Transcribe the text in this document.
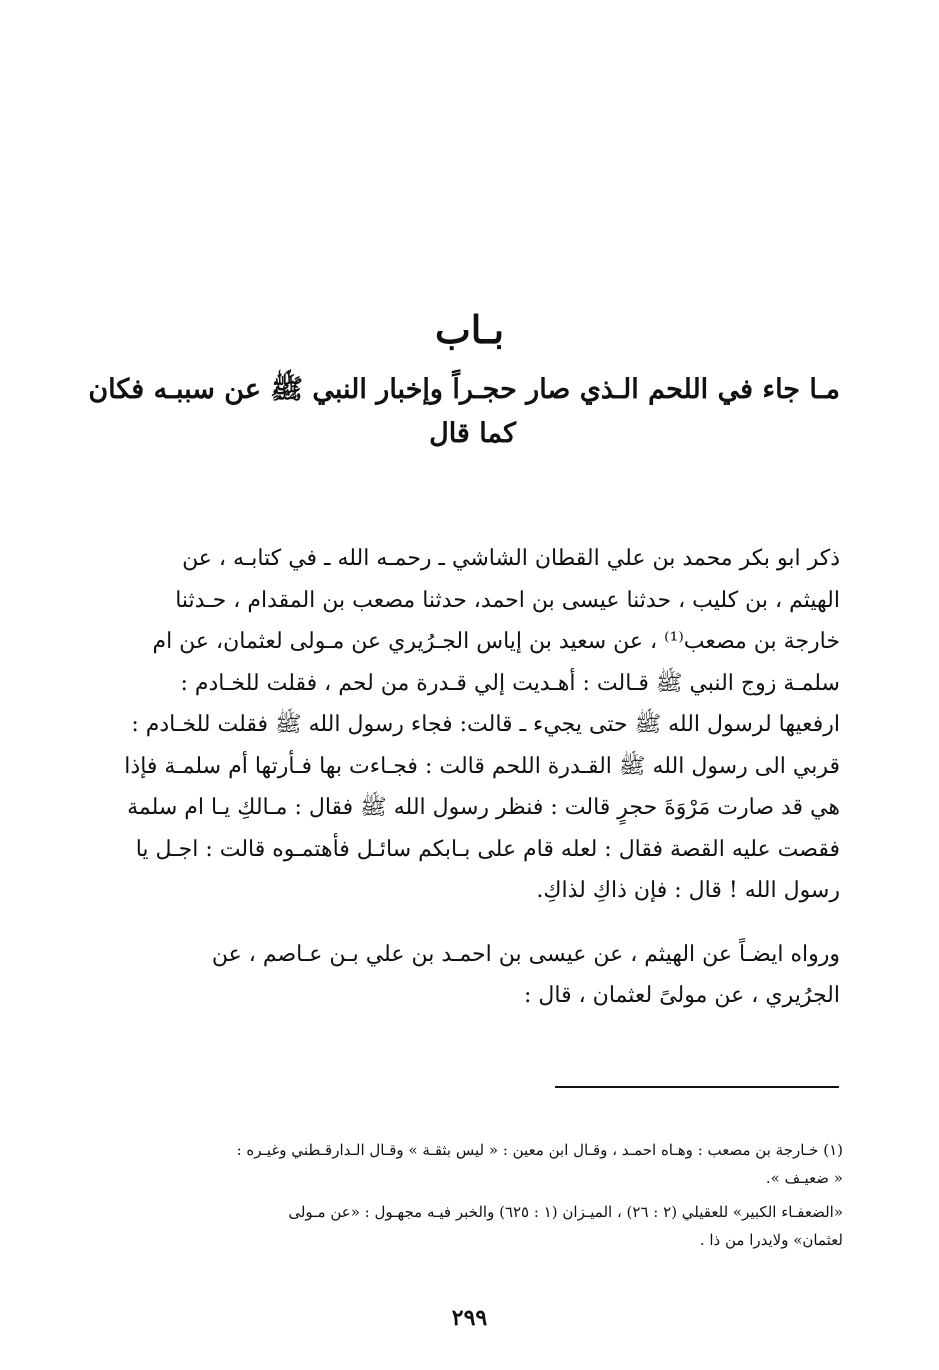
بـاب
مـا جاء في اللحم الـذي صار حجـراً وإخبار النبي ﷺ عن سببـه فكان
كما قال
ذكر ابو بكر محمد بن علي القطان الشاشي ـ رحمـه الله ـ في كتابـه ، عن
الهيثم ، بن كليب ، حدثنا عيسى بن احمد، حدثنا مصعب بن المقدام ، حـدثنا
خارجة بن مصعب⁽¹⁾ ، عن سعيد بن إياس الجـرُيري عن مـولى لعثمان، عن ام
سلمـة زوج النبي ﷺ قـالت : أهـديت إلي قـدرة من لحم ، فقلت للخـادم :
ارفعيها لرسول الله ﷺ حتى يجيء ـ قالت: فجاء رسول الله ﷺ فقلت للخـادم :
قربي الى رسول الله ﷺ القـدرة اللحم قالت : فجـاءت بها فـأرتها أم سلمـة فإذا
هي قد صارت مَرْوَةَ حجرٍ قالت : فنظر رسول الله ﷺ فقال : مـالكِ يـا ام سلمة
فقصت عليه القصة فقال : لعله قام على بـابكم سائـل فأهتمـوه قالت : اجـل يا
رسول الله ! قال : فإن ذاكِ لذاكِ.
ورواه ايضـاً عن الهيثم ، عن عيسى بن احمـد بن علي بـن عـاصم ، عن
الجرُيري ، عن مولىً لعثمان ، قال :
(١) خـارجة بن مصعب : وهـاه احمـد ، وقـال ابن معين : « ليس بثقـة » وقـال الـدارقـطني وغيـره :
« ضعيـف ».
«الضعفـاء الكبير» للعقيلي (٢ : ٢٦) ، الميـزان (١ : ٦٢٥) والخبر فيـه مجهـول : «عن مـولى
لعثمان» ولايدرا من ذا .
٢٩٩
